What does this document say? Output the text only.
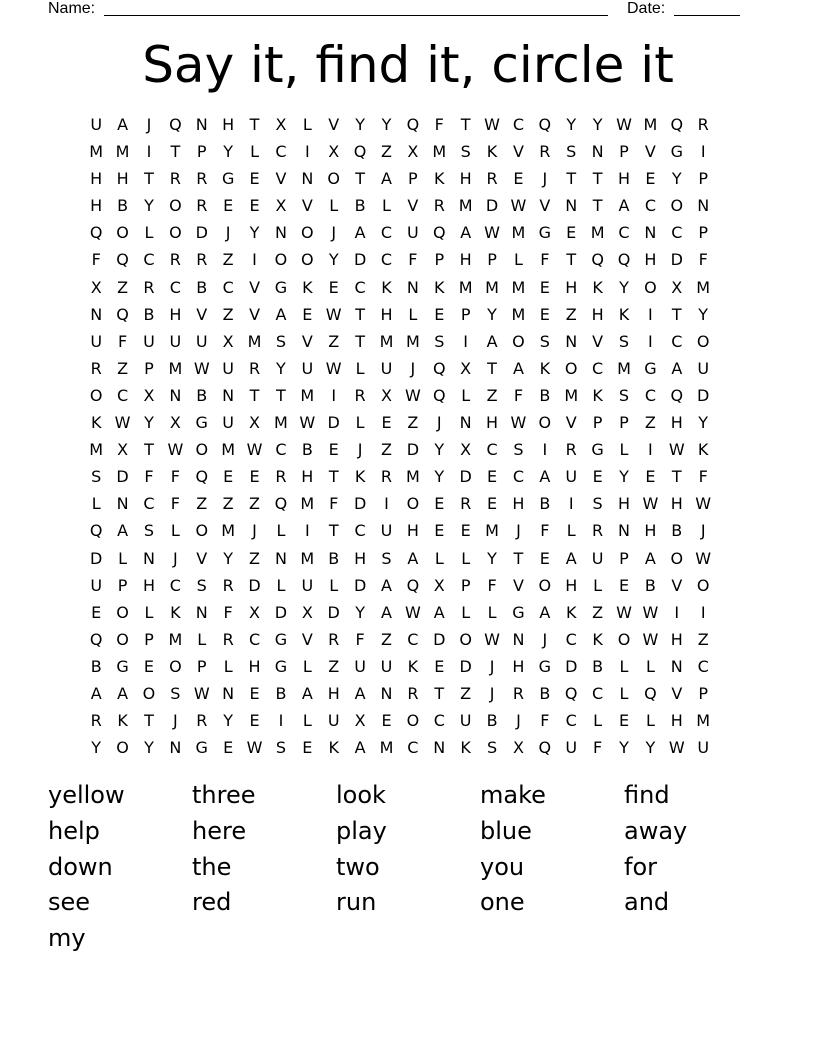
Name:	Date:
Say it, find it, circle it
U A	J	Q N H T	X	L	V	Y	Y Q F	T W C Q Y	Y W M Q R
M M	I	T	P	Y	L	C	I	X Q Z X M S	K V R S N P	V G	I
H H T R R G E V N O T	A	P	K H R E	J	T	T H E	Y	P
H B	Y O R E	E X V	L	B	L	V R M D W V N T	A C O N
Q O L O D	J	Y N O	J	A C U Q A W M G E M C N C P
F Q C R R Z	I	O O Y D C	F	P H P	L	F	T Q Q H D F
X Z R C B C V G K	E C K N K M M M E H K	Y O X M
N Q B H V Z V A E W T H L	E	P	Y M E Z H K	I	T	Y
U F U U U X M S V Z	T M M S	I	A O S N V S	I	C O
R Z	P M W U R Y U W L	U	J	Q X	T	A K O C M G A U
O C X N B N T	T M	I	R X W Q L	Z	F	B M K	S C Q D
K W Y	X G U X M W D L	E Z	J	N H W O V	P	P	Z H Y
M X	T W O M W C B E	J	Z D Y	X C S	I	R G L	I	W K
S D F	F Q E	E R H T	K R M Y D E C A U E	Y	E	T	F
L N C	F	Z Z Z Q M F D	I	O E R E H B	I	S H W H W
Q A S	L O M	J	L	I	T C U H E	E M	J	F	L	R N H B	J
D L N	J	V	Y	Z N M B H S A	L	L	Y	T	E A U P	A O W
U P H C S R D L	U	L D A Q X	P	F	V O H L	E B V O
E O L	K N F	X D X D Y	A W A	L	L G A K Z W W	I	I
Q O P M L	R C G V R	F	Z C D O W N	J	C K O W H Z
B G E O P	L H G L	Z U U K	E D	J	H G D B	L	L N C
A A O S W N E B A H A N R T	Z	J	R B Q C	L Q V	P
R K	T	J	R Y	E	I	L	U X E O C U B	J	F	C	L	E	L H M
Y O Y N G E W S	E	K A M C N K	S X Q U F	Y	Y W U
yellow	three	look	make	find
help	here	play	blue	away
down	the	two	you	for
see	red	run	one	and
my
